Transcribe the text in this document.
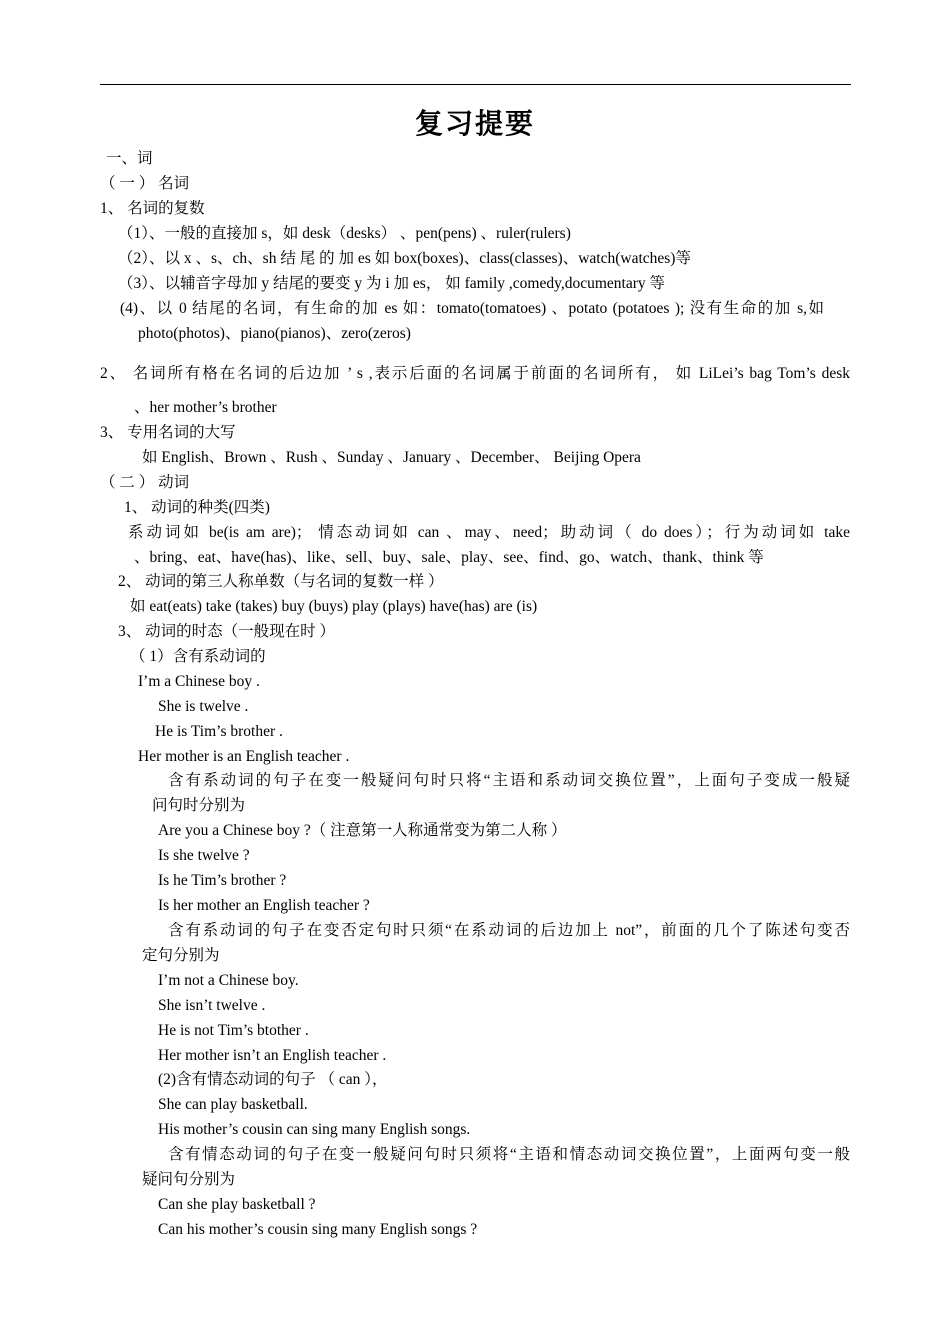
复习提要
一、词
（ 一 ） 名词
1、 名词的复数
（1）、一般的直接加 s，如 desk（desks） 、pen(pens) 、ruler(rulers)
（2）、以 x 、s、ch、sh 结 尾 的 加 es 如 box(boxes)、class(classes)、watch(watches)等
（3）、以辅音字母加 y 结尾的要变 y 为 i 加 es， 如 family ,comedy,documentary 等
(4)、以 0 结尾的名词，有生命的加 es 如：tomato(tomatoes) 、potato (potatoes ); 没有生命的加 s,如
photo(photos)、piano(pianos)、zero(zeros)
2、 名词所有格在名词的后边加 ’ s ,表示后面的名词属于前面的名词所有， 如 LiLei’s bag Tom’s desk
、her mother’s brother
3、 专用名词的大写
如 English、Brown 、Rush 、Sunday 、January 、December、 Beijing Opera
（ 二 ） 动词
1、 动词的种类(四类)
系动词如 be(is am are)； 情态动词如 can 、may、need；助动词（ do does）；行为动词如 take
、bring、eat、have(has)、like、sell、buy、sale、play、see、find、go、watch、thank、think 等
2、 动词的第三人称单数（与名词的复数一样 ）
如 eat(eats) take (takes) buy (buys) play (plays) have(has) are (is)
3、 动词的时态（一般现在时 ）
（ 1）含有系动词的
I’m a Chinese boy .
She is twelve .
He is Tim’s brother .
Her mother is an English teacher .
含有系动词的句子在变一般疑问句时只将“主语和系动词交换位置”，上面句子变成一般疑
问句时分别为
Are you a Chinese boy ?（ 注意第一人称通常变为第二人称 ）
Is she twelve ?
Is he Tim’s brother ?
Is her mother an English teacher ?
含有系动词的句子在变否定句时只须“在系动词的后边加上 not”，前面的几个了陈述句变否
定句分别为
I’m not a Chinese boy.
She isn’t twelve .
He is not Tim’s btother .
Her mother isn’t an English teacher .
(2)含有情态动词的句子 （ can ），
She can play basketball.
His mother’s cousin can sing many English songs.
含有情态动词的句子在变一般疑问句时只须将“主语和情态动词交换位置”，上面两句变一般
疑问句分别为
Can she play basketball ?
Can his mother’s cousin sing many English songs ?
